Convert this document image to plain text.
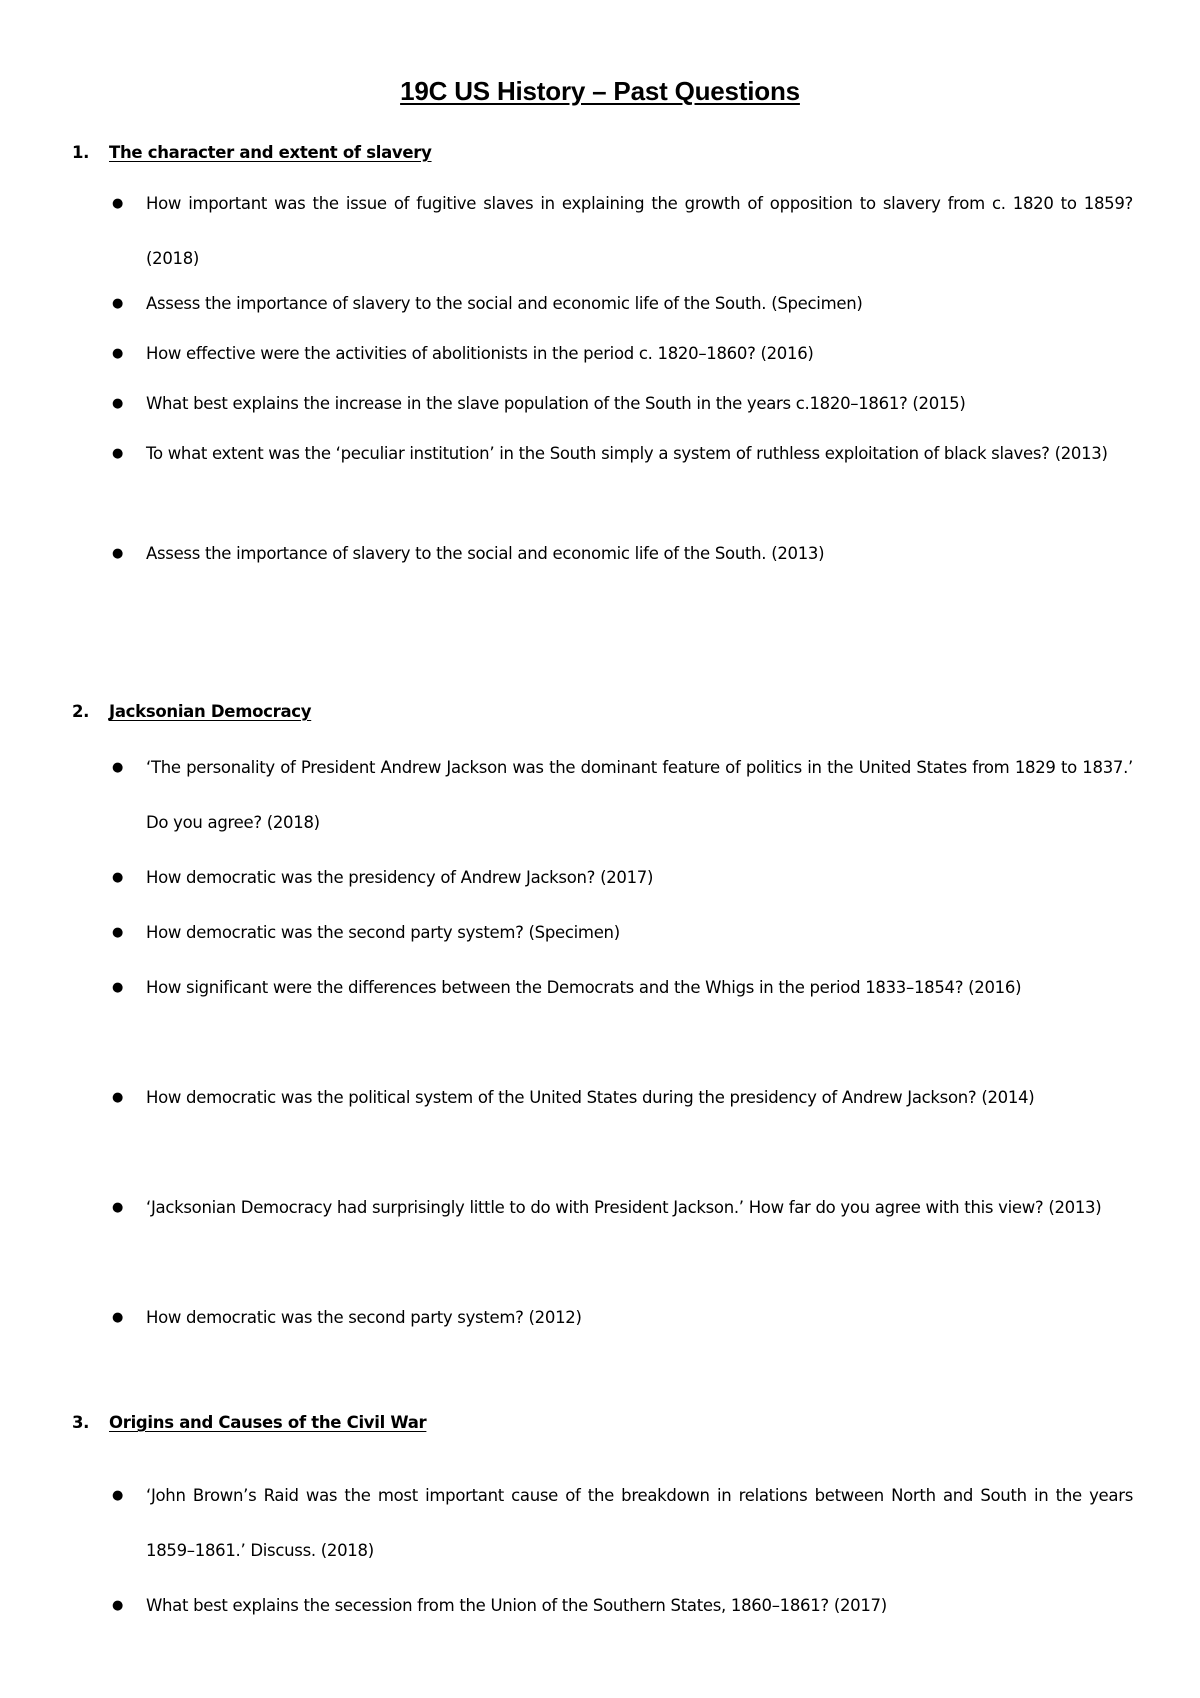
19C US History – Past Questions
1. The character and extent of slavery
●	How important was the issue of fugitive slaves in explaining the growth of opposition to slavery from c. 1820 to 1859? (2018)
●	Assess the importance of slavery to the social and economic life of the South. (Specimen)
●	How effective were the activities of abolitionists in the period c. 1820–1860? (2016)
●	What best explains the increase in the slave population of the South in the years c.1820–1861? (2015)
●	To what extent was the ‘peculiar institution’ in the South simply a system of ruthless exploitation of black slaves? (2013)
●	Assess the importance of slavery to the social and economic life of the South. (2013)
2. Jacksonian Democracy
●	‘The personality of President Andrew Jackson was the dominant feature of politics in the United States from 1829 to 1837.’ Do you agree? (2018)
●	How democratic was the presidency of Andrew Jackson? (2017)
●	How democratic was the second party system? (Specimen)
●	How significant were the differences between the Democrats and the Whigs in the period 1833–1854? (2016)
●	How democratic was the political system of the United States during the presidency of Andrew Jackson? (2014)
●	‘Jacksonian Democracy had surprisingly little to do with President Jackson.’ How far do you agree with this view? (2013)
●	How democratic was the second party system? (2012)
3. Origins and Causes of the Civil War
●	‘John Brown’s Raid was the most important cause of the breakdown in relations between North and South in the years 1859–1861.’ Discuss. (2018)
●	What best explains the secession from the Union of the Southern States, 1860–1861? (2017)
